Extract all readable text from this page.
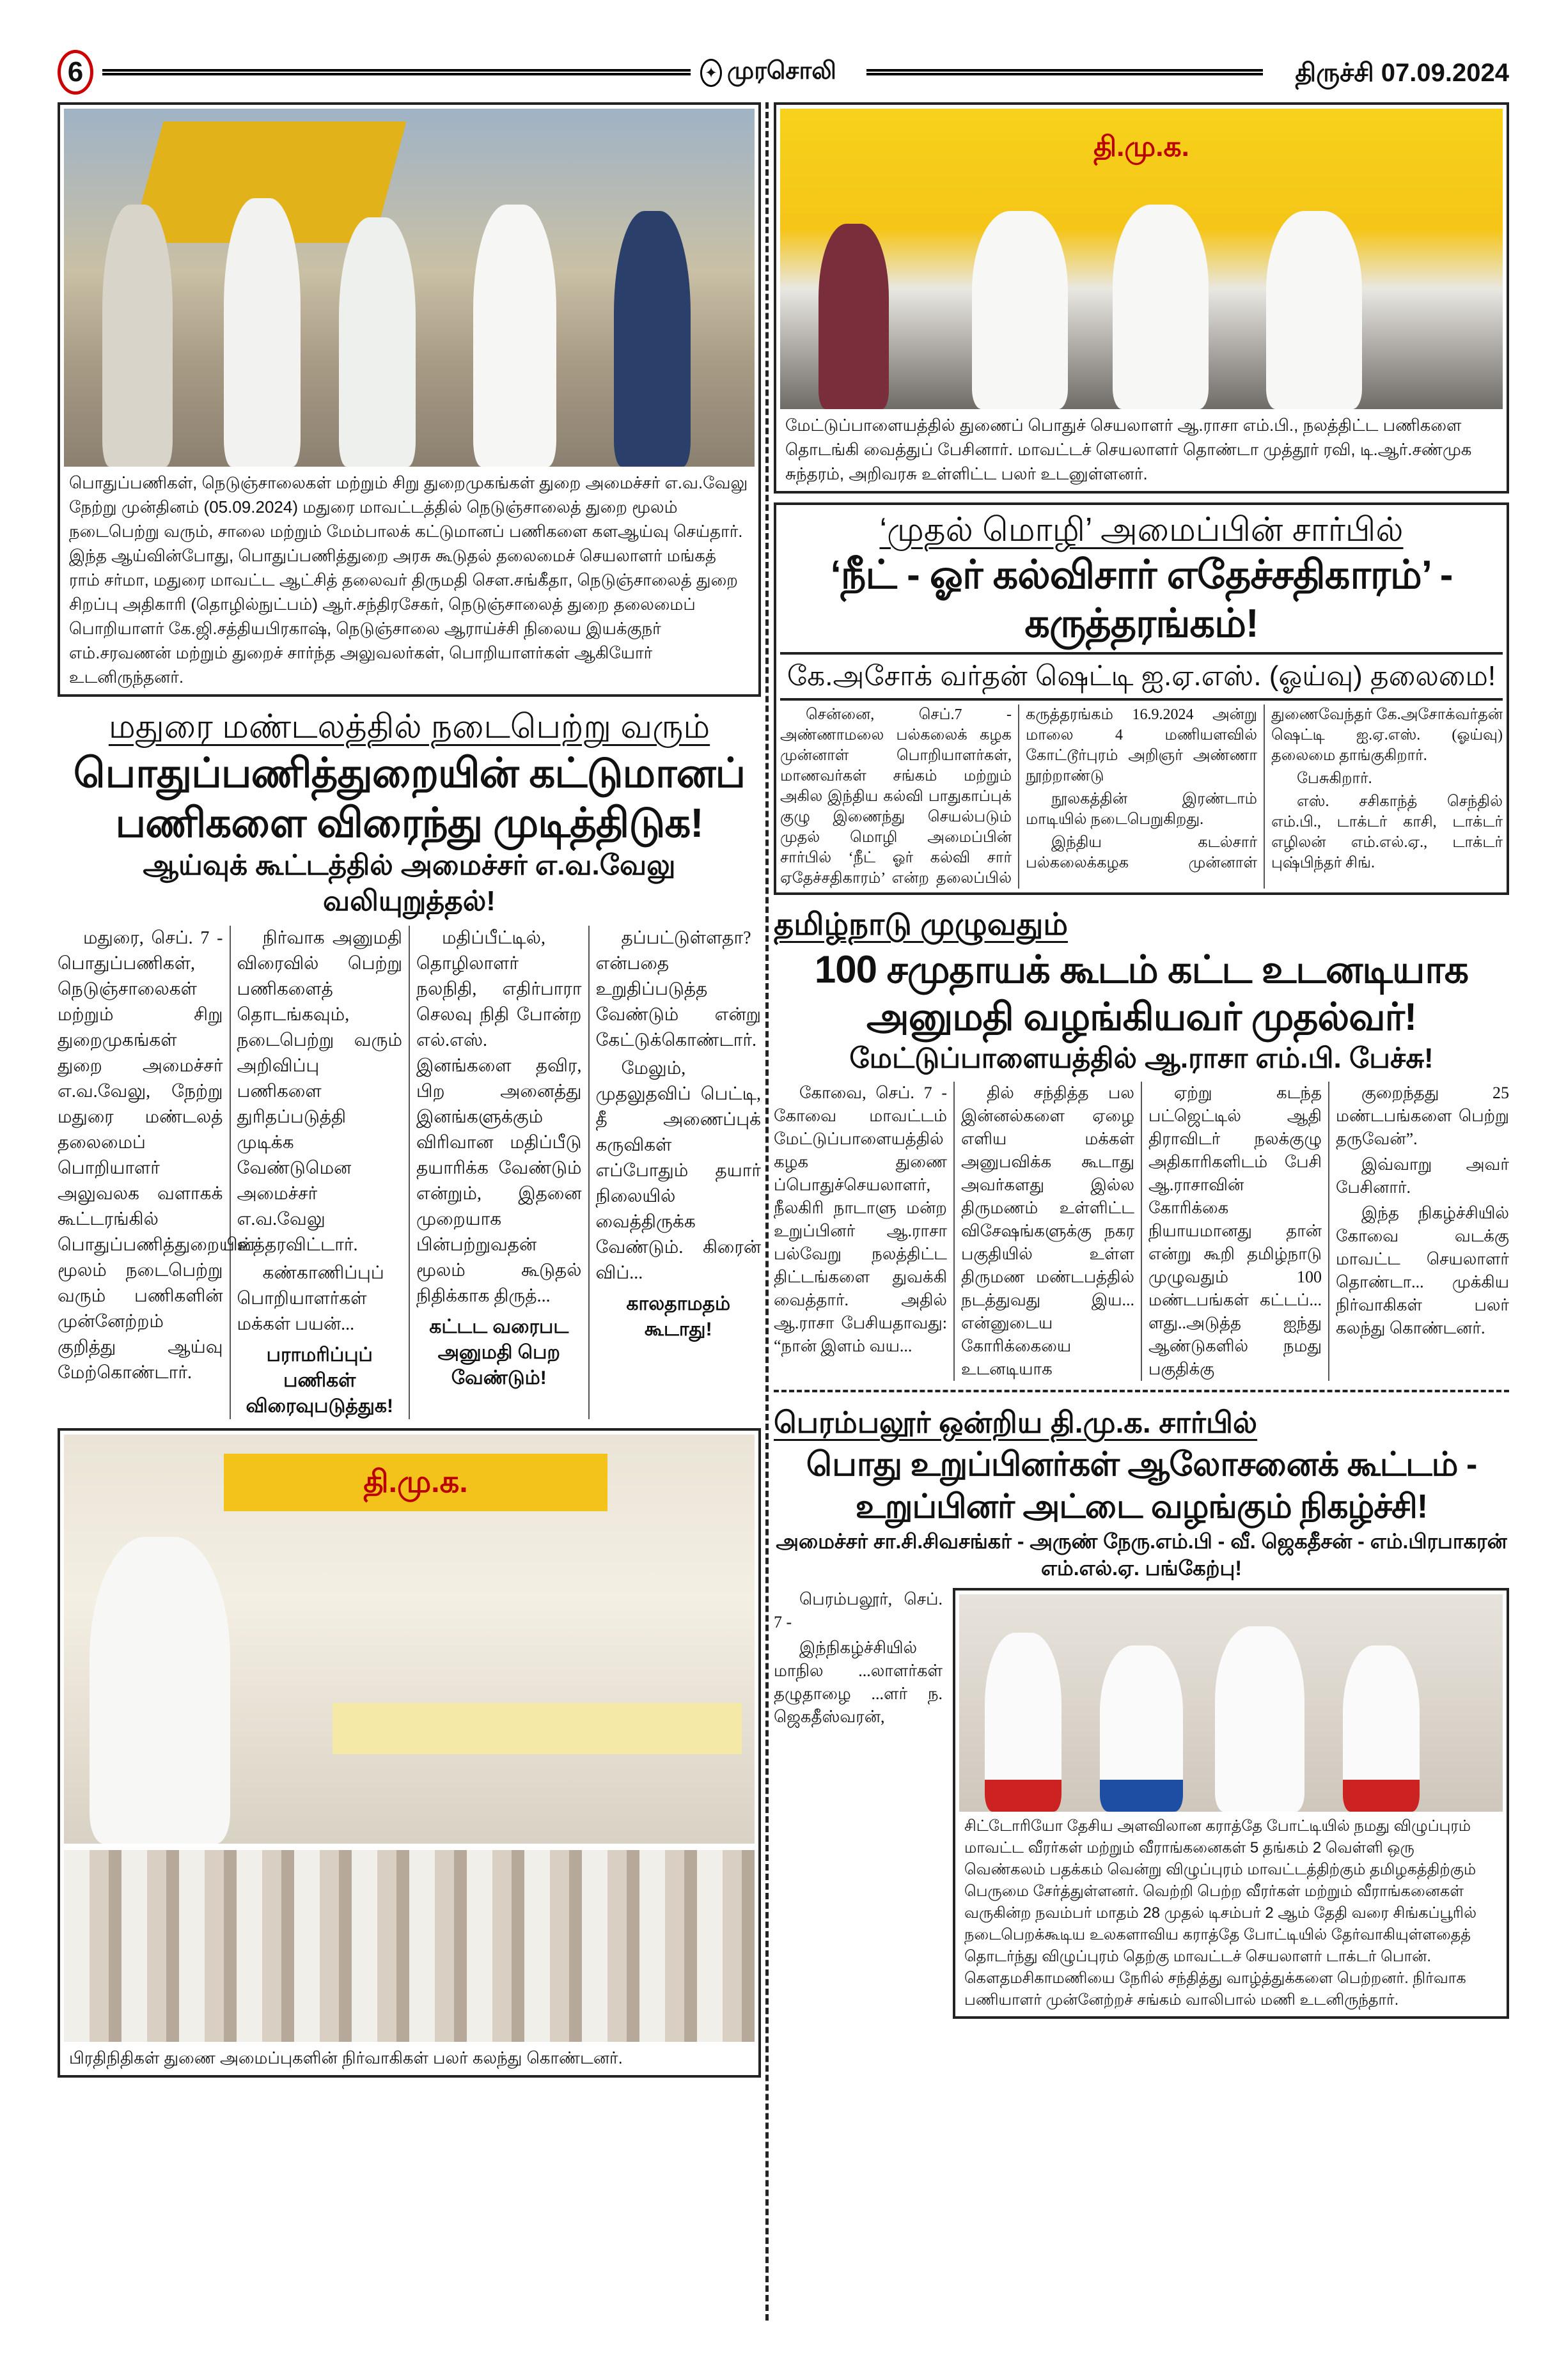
6	✦ முரசொலி	திருச்சி 07.09.2024
பொதுப்பணிகள், நெடுஞ்சாலைகள் மற்றும் சிறு துறைமுகங்கள் துறை அமைச்சர் எ.வ.வேலு நேற்று முன்தினம் (05.09.2024) மதுரை மாவட்டத்தில் நெடுஞ்சாலைத் துறை மூலம் நடைபெற்று வரும், சாலை மற்றும் மேம்பாலக் கட்டுமானப் பணிகளை களஆய்வு செய்தார். இந்த ஆய்வின்போது, பொதுப்பணித்துறை அரசு கூடுதல் தலைமைச் செயலாளர் மங்கத் ராம் சர்மா, மதுரை மாவட்ட ஆட்சித் தலைவர் திருமதி செள.சங்கீதா, நெடுஞ்சாலைத் துறை சிறப்பு அதிகாரி (தொழில்நுட்பம்) ஆர்.சந்திரசேகர், நெடுஞ்சாலைத் துறை தலைமைப் பொறியாளர் கே.ஜி.சத்தியபிரகாஷ், நெடுஞ்சாலை ஆராய்ச்சி நிலைய இயக்குநர் எம்.சரவணன் மற்றும் துறைச் சார்ந்த அலுவலர்கள், பொறியாளர்கள் ஆகியோர் உடனிருந்தனர்.
மதுரை மண்டலத்தில் நடைபெற்று வரும்
பொதுப்பணித்துறையின் கட்டுமானப் பணிகளை விரைந்து முடித்திடுக!
ஆய்வுக் கூட்டத்தில் அமைச்சர் எ.வ.வேலு வலியுறுத்தல்!

மதுரை, செப். 7 - பொதுப்பணிகள், நெடுஞ்சாலைகள் மற்றும் சிறு துறைமுகங்கள் துறை அமைச்சர் எ.வ.வேலு, நேற்று மதுரை மண்டலத் தலைமைப் பொறியாளர் அலுவலக வளாகக் கூட்டரங்கில் பொதுப்பணித்துறையின் மூலம் நடைபெற்று வரும் பணிகளின் முன்னேற்றம் குறித்து ஆய்வு மேற்கொண்டார்.

நிர்வாக அனுமதி விரைவில் பெற்று பணிகளைத் தொடங்கவும், நடைபெற்று வரும் அறிவிப்பு பணிகளை துரிதப்படுத்தி முடிக்க வேண்டுமென அமைச்சர் எ.வ.வேலு உத்தரவிட்டார்.

கண்காணிப்புப் பொறியாளர்கள் மக்கள் பயன்...

பராமரிப்புப் பணிகள் விரைவுபடுத்துக!

மதிப்பீட்டில், தொழிலாளர் நலநிதி, எதிர்பாரா செலவு நிதி போன்ற எல்.எஸ். இனங்களை தவிர, பிற அனைத்து இனங்களுக்கும் விரிவான மதிப்பீடு தயாரிக்க வேண்டும் என்றும், இதனை முறையாக பின்பற்றுவதன் மூலம் கூடுதல் நிதிக்காக திருத்...

கட்டட வரைபட அனுமதி பெற வேண்டும்!

தப்பட்டுள்ளதா? என்பதை உறுதிப்படுத்த வேண்டும் என்று கேட்டுக்கொண்டார்.

மேலும், முதலுதவிப் பெட்டி, தீ அணைப்புக் கருவிகள் எப்போதும் தயார் நிலையில் வைத்திருக்க வேண்டும். கிரைன் விப்...

காலதாமதம் கூடாது!
தி.மு.க.
பிரதிநிதிகள் துணை அமைப்புகளின் நிர்வாகிகள் பலர் கலந்து கொண்டனர்.
தி.மு.க.
மேட்டுப்பாளையத்தில் துணைப் பொதுச் செயலாளர் ஆ.ராசா எம்.பி., நலத்திட்ட பணிகளை தொடங்கி வைத்துப் பேசினார். மாவட்டச் செயலாளர் தொண்டா முத்தூர் ரவி, டி.ஆர்.சண்முக சுந்தரம், அறிவரசு உள்ளிட்ட பலர் உடனுள்ளனர்.
‘முதல் மொழி’ அமைப்பின் சார்பில்
‘நீட் - ஓர் கல்விசார் எதேச்சதிகாரம்’ - கருத்தரங்கம்!
கே.அசோக் வர்தன் ஷெட்டி ஐ.ஏ.எஸ். (ஓய்வு) தலைமை!

சென்னை, செப்.7 - அண்ணாமலை பல்கலைக் கழக முன்னாள் பொறியாளர்கள், மாணவர்கள் சங்கம் மற்றும் அகில இந்திய கல்வி பாதுகாப்புக் குழு இணைந்து செயல்படும் முதல் மொழி அமைப்பின் சார்பில் ‘நீட் ஓர் கல்வி சார் ஏதேச்சதிகாரம்’ என்ற தலைப்பில் கருத்தரங்கம் 16.9.2024 அன்று மாலை 4 மணியளவில் கோட்டூர்புரம் அறிஞர் அண்ணா நூற்றாண்டு

நூலகத்தின் இரண்டாம் மாடியில் நடைபெறுகிறது.

இந்திய கடல்சார் பல்கலைக்கழக முன்னாள் துணைவேந்தர் கே.அசோக்வர்தன் ஷெட்டி ஐ.ஏ.எஸ். (ஓய்வு) தலைமை தாங்குகிறார்.

பேசுகிறார்.

எஸ். சசிகாந்த் செந்தில் எம்.பி., டாக்டர் காசி, டாக்டர் எழிலன் எம்.எல்.ஏ., டாக்டர் புஷ்பிந்தர் சிங்.

தமிழ்நாடு முழுவதும்
100 சமுதாயக் கூடம் கட்ட உடனடியாக அனுமதி வழங்கியவர் முதல்வர்!
மேட்டுப்பாளையத்தில் ஆ.ராசா எம்.பி. பேச்சு!

கோவை, செப். 7 - கோவை மாவட்டம் மேட்டுப்பாளையத்தில் கழக துணை ப்பொதுச்செயலாளர், நீலகிரி நாடாளு மன்ற உறுப்பினர் ஆ.ராசா பல்வேறு நலத்திட்ட திட்டங்களை துவக்கி வைத்தார். அதில் ஆ.ராசா பேசியதாவது: “நான் இளம் வய...

தில் சந்தித்த பல இன்னல்களை ஏழை எளிய மக்கள் அனுபவிக்க கூடாது அவர்களது இல்ல திருமணம் உள்ளிட்ட விசேஷங்களுக்கு நகர பகுதியில் உள்ள திருமண மண்டபத்தில் நடத்துவது இய... என்னுடைய கோரிக்கையை உடனடியாக

ஏற்று கடந்த பட்ஜெட்டில் ஆதி திராவிடர் நலக்குழு அதிகாரிகளிடம் பேசி ஆ.ராசாவின் கோரிக்கை நியாயமானது தான் என்று கூறி தமிழ்நாடு முழுவதும் 100 மண்டபங்கள் கட்டப்... ளது..அடுத்த ஐந்து ஆண்டுகளில் நமது பகுதிக்கு

குறைந்தது 25 மண்டபங்களை பெற்று தருவேன்”.

இவ்வாறு அவர் பேசினார்.

இந்த நிகழ்ச்சியில் கோவை வடக்கு மாவட்ட செயலாளர் தொண்டா... முக்கிய நிர்வாகிகள் பலர் கலந்து கொண்டனர்.

பெரம்பலூர் ஒன்றிய தி.மு.க. சார்பில்
பொது உறுப்பினர்கள் ஆலோசனைக் கூட்டம் - உறுப்பினர் அட்டை வழங்கும் நிகழ்ச்சி!
அமைச்சர் சா.சி.சிவசங்கர் - அருண் நேரு.எம்.பி - வீ. ஜெகதீசன் - எம்.பிரபாகரன் எம்.எல்.ஏ. பங்கேற்பு!

பெரம்பலூர், செப். 7 -

இந்நிகழ்ச்சியில் மாநில ...லாளர்கள் தழுதாழை ...ளர் ந. ஜெகதீஸ்வரன்,

சிட்டோரியோ தேசிய அளவிலான கராத்தே போட்டியில் நமது விழுப்புரம் மாவட்ட வீரர்கள் மற்றும் வீராங்கனைகள் 5 தங்கம் 2 வெள்ளி ஒரு வெண்கலம் பதக்கம் வென்று விழுப்புரம் மாவட்டத்திற்கும் தமிழகத்திற்கும் பெருமை சேர்த்துள்ளனர். வெற்றி பெற்ற வீரர்கள் மற்றும் வீராங்கனைகள் வருகின்ற நவம்பர் மாதம் 28 முதல் டிசம்பர் 2 ஆம் தேதி வரை சிங்கப்பூரில் நடைபெறக்கூடிய உலகளாவிய கராத்தே போட்டியில் தேர்வாகியுள்ளதைத் தொடர்ந்து விழுப்புரம் தெற்கு மாவட்டச் செயலாளர் டாக்டர் பொன். கௌதமசிகாமணியை நேரில் சந்தித்து வாழ்த்துக்களை பெற்றனர். நிர்வாக பணியாளர் முன்னேற்றச் சங்கம் வாலிபால் மணி உடனிருந்தார்.
